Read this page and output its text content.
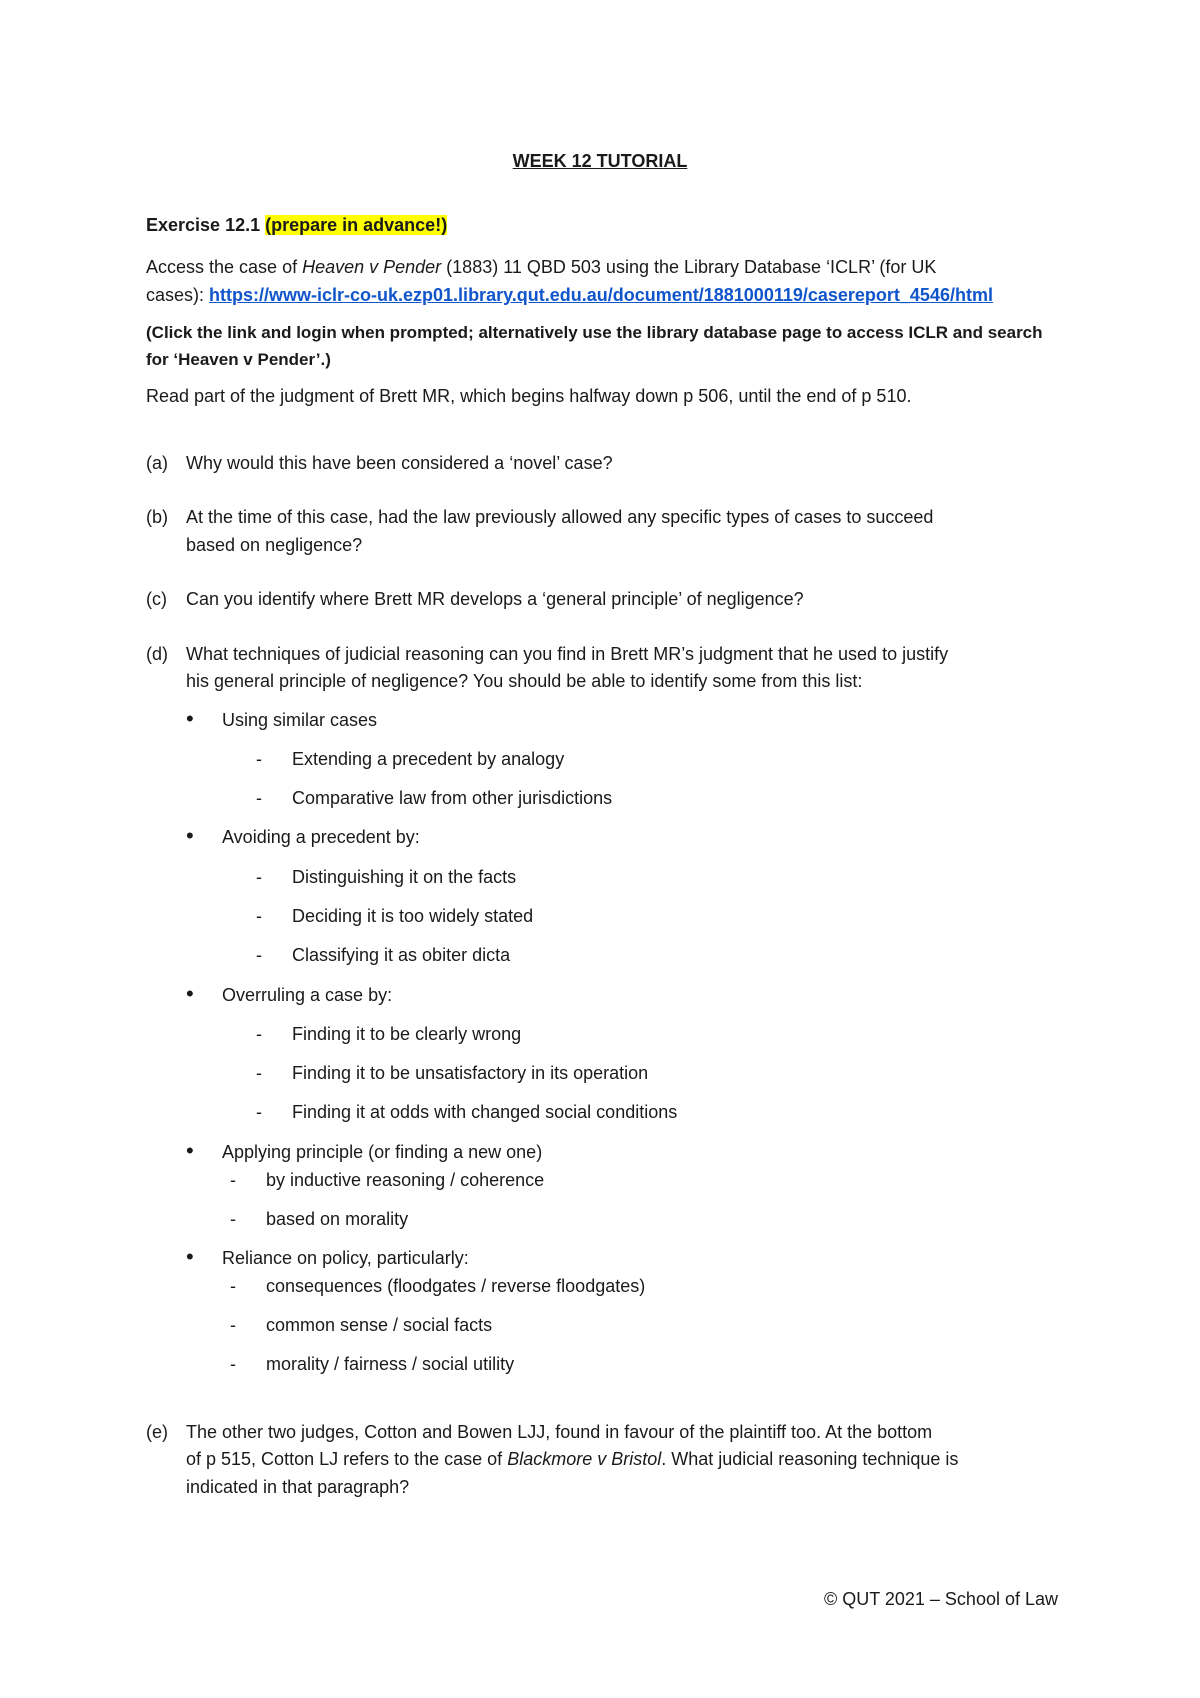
WEEK 12 TUTORIAL
Exercise 12.1 (prepare in advance!)
Access the case of Heaven v Pender (1883) 11 QBD 503 using the Library Database ‘ICLR’ (for UK
cases): https://www-iclr-co-uk.ezp01.library.qut.edu.au/document/1881000119/casereport_4546/html
(Click the link and login when prompted; alternatively use the library database page to access ICLR and search
for ‘Heaven v Pender’.)
Read part of the judgment of Brett MR, which begins halfway down p 506, until the end of p 510.
(a) Why would this have been considered a ‘novel’ case?
(b) At the time of this case, had the law previously allowed any specific types of cases to succeed
based on negligence?
(c) Can you identify where Brett MR develops a ‘general principle’ of negligence?
(d) What techniques of judicial reasoning can you find in Brett MR’s judgment that he used to justify
his general principle of negligence? You should be able to identify some from this list:
• Using similar cases
- Extending a precedent by analogy
- Comparative law from other jurisdictions
• Avoiding a precedent by:
- Distinguishing it on the facts
- Deciding it is too widely stated
- Classifying it as obiter dicta
• Overruling a case by:
- Finding it to be clearly wrong
- Finding it to be unsatisfactory in its operation
- Finding it at odds with changed social conditions
• Applying principle (or finding a new one)
- by inductive reasoning / coherence
- based on morality
• Reliance on policy, particularly:
- consequences (floodgates / reverse floodgates)
- common sense / social facts
- morality / fairness / social utility
(e) The other two judges, Cotton and Bowen LJJ, found in favour of the plaintiff too. At the bottom
of p 515, Cotton LJ refers to the case of Blackmore v Bristol. What judicial reasoning technique is
indicated in that paragraph?
© QUT 2021 – School of Law
